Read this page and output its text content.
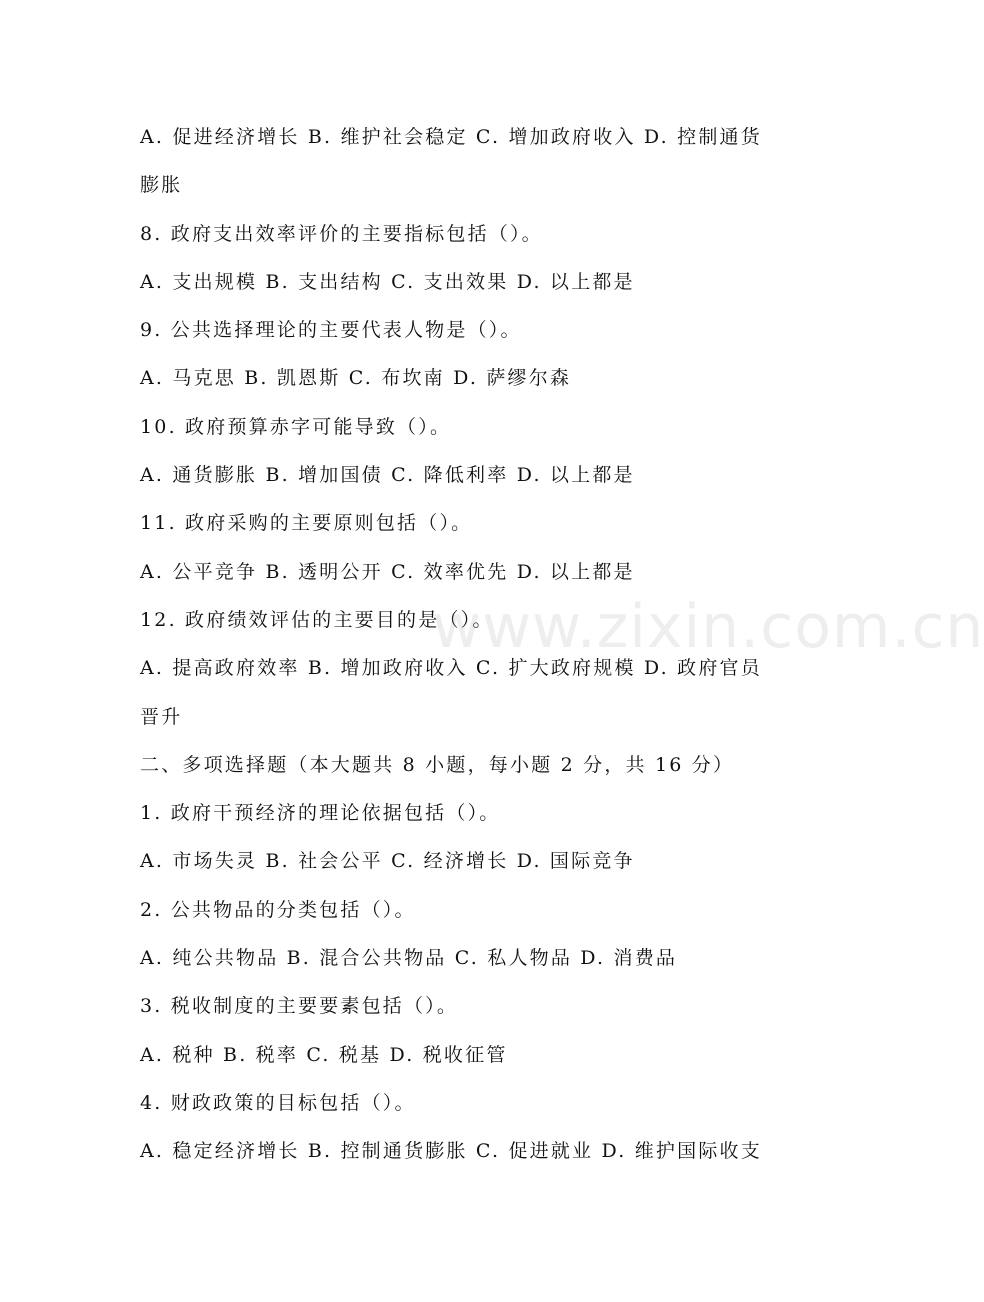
A. 促进经济增长 B. 维护社会稳定 C. 增加政府收入 D. 控制通货
膨胀
8. 政府支出效率评价的主要指标包括（）。
A. 支出规模 B. 支出结构 C. 支出效果 D. 以上都是
9. 公共选择理论的主要代表人物是（）。
A. 马克思 B. 凯恩斯 C. 布坎南 D. 萨缪尔森
10. 政府预算赤字可能导致（）。
A. 通货膨胀 B. 增加国债 C. 降低利率 D. 以上都是
11. 政府采购的主要原则包括（）。
A. 公平竞争 B. 透明公开 C. 效率优先 D. 以上都是
12. 政府绩效评估的主要目的是（）。
A. 提高政府效率 B. 增加政府收入 C. 扩大政府规模 D. 政府官员
晋升
二、多项选择题（本大题共 8 小题，每小题 2 分，共 16 分）
1. 政府干预经济的理论依据包括（）。
A. 市场失灵 B. 社会公平 C. 经济增长 D. 国际竞争
2. 公共物品的分类包括（）。
A. 纯公共物品 B. 混合公共物品 C. 私人物品 D. 消费品
3. 税收制度的主要要素包括（）。
A. 税种 B. 税率 C. 税基 D. 税收征管
4. 财政政策的目标包括（）。
A. 稳定经济增长 B. 控制通货膨胀 C. 促进就业 D. 维护国际收支
www.zixin.com.cn
